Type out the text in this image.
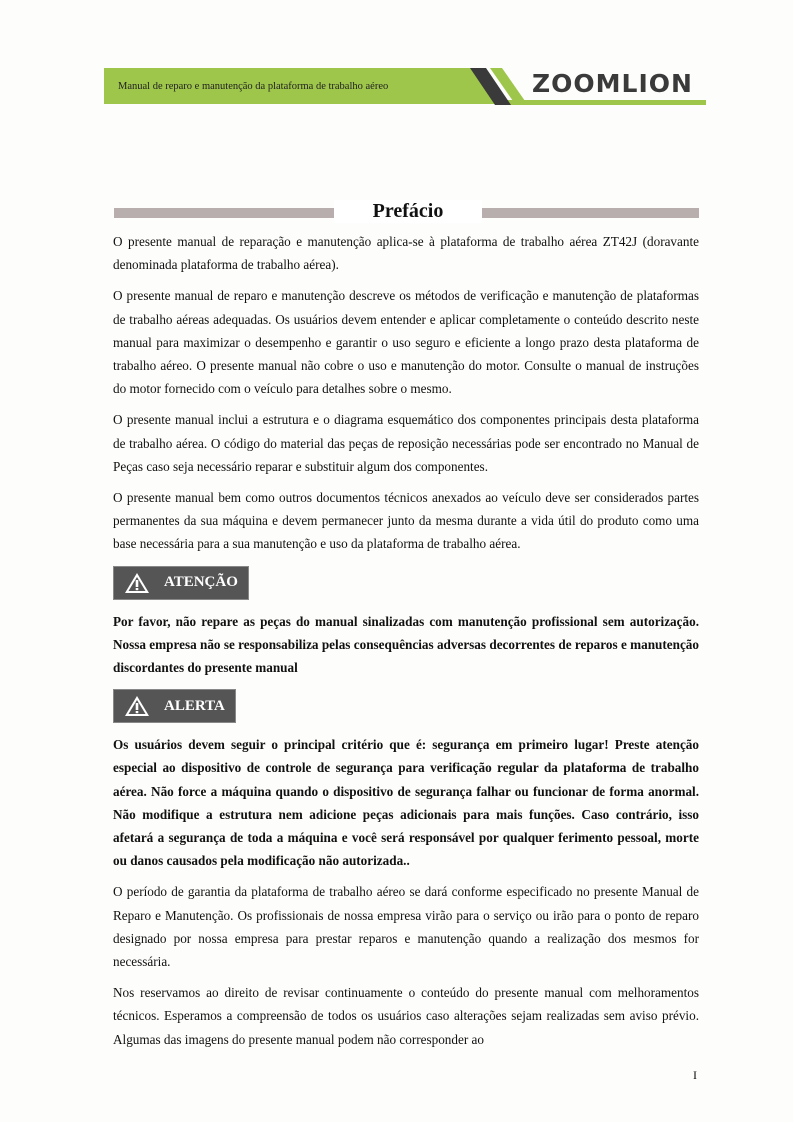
Manual de reparo e manutenção da plataforma de trabalho aéreo	ZOOMLION
Prefácio

O presente manual de reparação e manutenção aplica-se à plataforma de trabalho aérea ZT42J (doravante denominada plataforma de trabalho aérea).

O presente manual de reparo e manutenção descreve os métodos de verificação e manutenção de plataformas de trabalho aéreas adequadas. Os usuários devem entender e aplicar completamente o conteúdo descrito neste manual para maximizar o desempenho e garantir o uso seguro e eficiente a longo prazo desta plataforma de trabalho aéreo. O presente manual não cobre o uso e manutenção do motor. Consulte o manual de instruções do motor fornecido com o veículo para detalhes sobre o mesmo.

O presente manual inclui a estrutura e o diagrama esquemático dos componentes principais desta plataforma de trabalho aérea. O código do material das peças de reposição necessárias pode ser encontrado no Manual de Peças caso seja necessário reparar e substituir algum dos componentes.

O presente manual bem como outros documentos técnicos anexados ao veículo deve ser considerados partes permanentes da sua máquina e devem permanecer junto da mesma durante a vida útil do produto como uma base necessária para a sua manutenção e uso da plataforma de trabalho aérea.

ATENÇÃO

Por favor, não repare as peças do manual sinalizadas com manutenção profissional sem autorização. Nossa empresa não se responsabiliza pelas consequências adversas decorrentes de reparos e manutenção discordantes do presente manual

ALERTA

Os usuários devem seguir o principal critério que é: segurança em primeiro lugar! Preste atenção especial ao dispositivo de controle de segurança para verificação regular da plataforma de trabalho aérea. Não force a máquina quando o dispositivo de segurança falhar ou funcionar de forma anormal. Não modifique a estrutura nem adicione peças adicionais para mais funções. Caso contrário, isso afetará a segurança de toda a máquina e você será responsável por qualquer ferimento pessoal, morte ou danos causados pela modificação não autorizada..

O período de garantia da plataforma de trabalho aéreo se dará conforme especificado no presente Manual de Reparo e Manutenção. Os profissionais de nossa empresa virão para o serviço ou irão para o ponto de reparo designado por nossa empresa para prestar reparos e manutenção quando a realização dos mesmos for necessária.

Nos reservamos ao direito de revisar continuamente o conteúdo do presente manual com melhoramentos técnicos. Esperamos a compreensão de todos os usuários caso alterações sejam realizadas sem aviso prévio. Algumas das imagens do presente manual podem não corresponder ao

I
